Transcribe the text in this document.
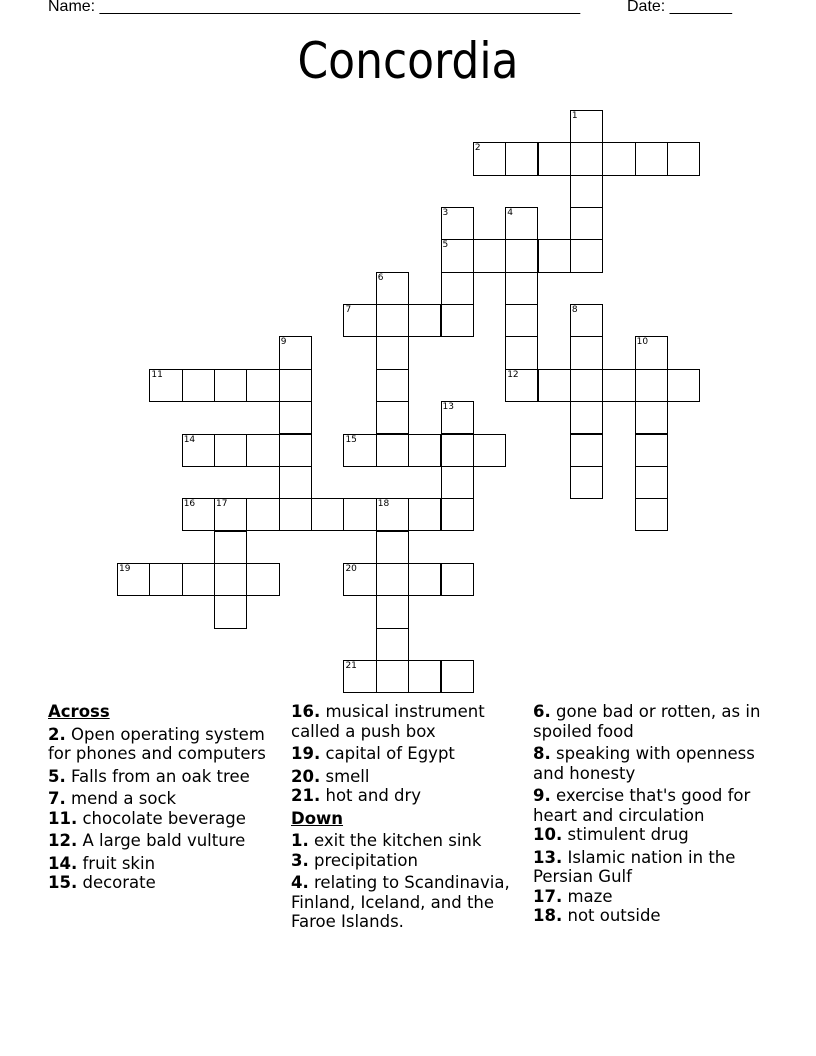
Name: ______________________________________________________	Date: _______
Concordia
1
2
3
5
4
12
6
7	8
9	10
11
13
14	15
16 17	18
19	20
21
Across
2. Open operating system for phones and computers
5. Falls from an oak tree
7. mend a sock
11. chocolate beverage
12. A large bald vulture
14. fruit skin
15. decorate
16. musical instrument called a push box
19. capital of Egypt
20. smell
21. hot and dry
Down
1. exit the kitchen sink
3. precipitation
4. relating to Scandinavia, Finland, Iceland, and the Faroe Islands.
6. gone bad or rotten, as in spoiled food
8. speaking with openness and honesty
9. exercise that's good for heart and circulation
10. stimulent drug
13. Islamic nation in the Persian Gulf
17. maze
18. not outside
